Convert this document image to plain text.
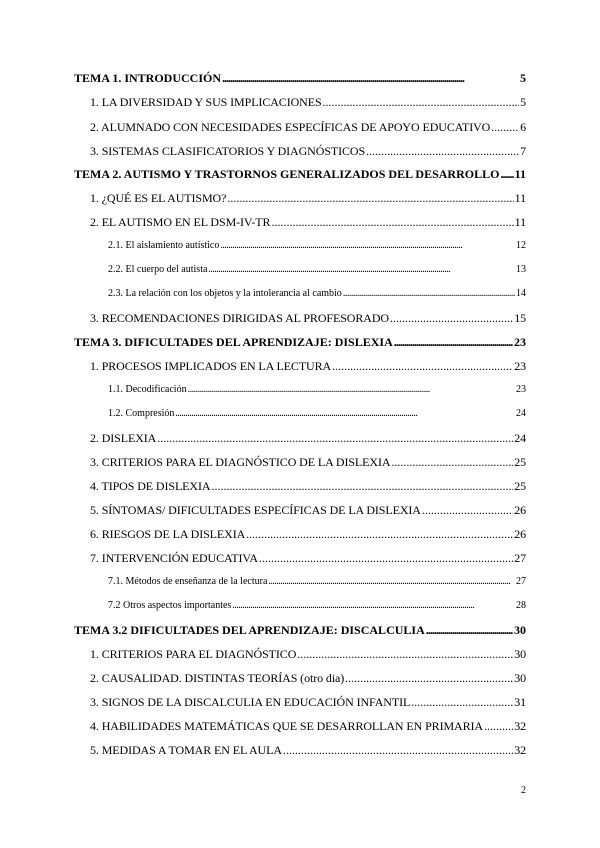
TEMA 1. INTRODUCCIÓN . . .	5
1. LA DIVERSIDAD Y SUS IMPLICACIONES . . .	5
2. ALUMNADO CON NECESIDADES ESPECÍFICAS DE APOYO EDUCATIVO . . . 6
3. SISTEMAS CLASIFICATORIOS Y DIAGNÓSTICOS . . .	7
TEMA 2. AUTISMO Y TRASTORNOS GENERALIZADOS DEL DESARROLLO . . . 11
1. ¿QUÉ ES EL AUTISMO? . . .	11
2. EL AUTISMO EN EL DSM-IV-TR . . .	11
2.1. El aislamiento autístico . . .	12
2.2. El cuerpo del autista . . .	13
2.3. La relación con los objetos y la intolerancia al cambio . . .	14
3. RECOMENDACIONES DIRIGIDAS AL PROFESORADO . . .	15
TEMA 3. DIFICULTADES DEL APRENDIZAJE: DISLEXIA . . .	23
1. PROCESOS IMPLICADOS EN LA LECTURA . . .	23
1.1. Decodificación . . .	23
1.2. Compresión . . .	24
2. DISLEXIA . . .	24
3. CRITERIOS PARA EL DIAGNÓSTICO DE LA DISLEXIA . . .	25
4. TIPOS DE DISLEXIA . . .	25
5. SÍNTOMAS/ DIFICULTADES ESPECÍFICAS DE LA DISLEXIA . . .	26
6. RIESGOS DE LA DISLEXIA . . .	26
7. INTERVENCIÓN EDUCATIVA . . .	27
7.1. Métodos de enseñanza de la lectura . . .	27
7.2 Otros aspectos importantes . . .	28
TEMA 3.2 DIFICULTADES DEL APRENDIZAJE: DISCALCULIA . . .	30
1. CRITERIOS PARA EL DIAGNÓSTICO . . .	30
2. CAUSALIDAD. DISTINTAS TEORÍAS (otro dia) . . .	30
3. SIGNOS DE LA DISCALCULIA EN EDUCACIÓN INFANTIL . . .	31
4. HABILIDADES MATEMÁTICAS QUE SE DESARROLLAN EN PRIMARIA . . .	32
5. MEDIDAS A TOMAR EN EL AULA . . .	32
2
